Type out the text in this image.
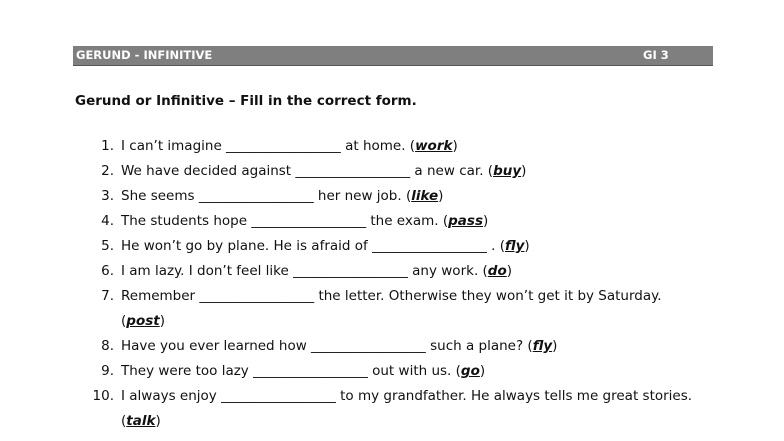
GERUND - INFINITIVE	GI 3
Gerund or Infinitive – Fill in the correct form.
1. I can’t imagine _________________ at home. (work)
2. We have decided against _________________ a new car. (buy)
3. She seems _________________ her new job. (like)
4. The students hope _________________ the exam. (pass)
5. He won’t go by plane. He is afraid of _________________ . (fly)
6. I am lazy. I don’t feel like _________________ any work. (do)
7. Remember _________________ the letter. Otherwise they won’t get it by Saturday.
(post)
8. Have you ever learned how _________________ such a plane? (fly)
9. They were too lazy _________________ out with us. (go)
10. I always enjoy _________________ to my grandfather. He always tells me great stories.
(talk)
